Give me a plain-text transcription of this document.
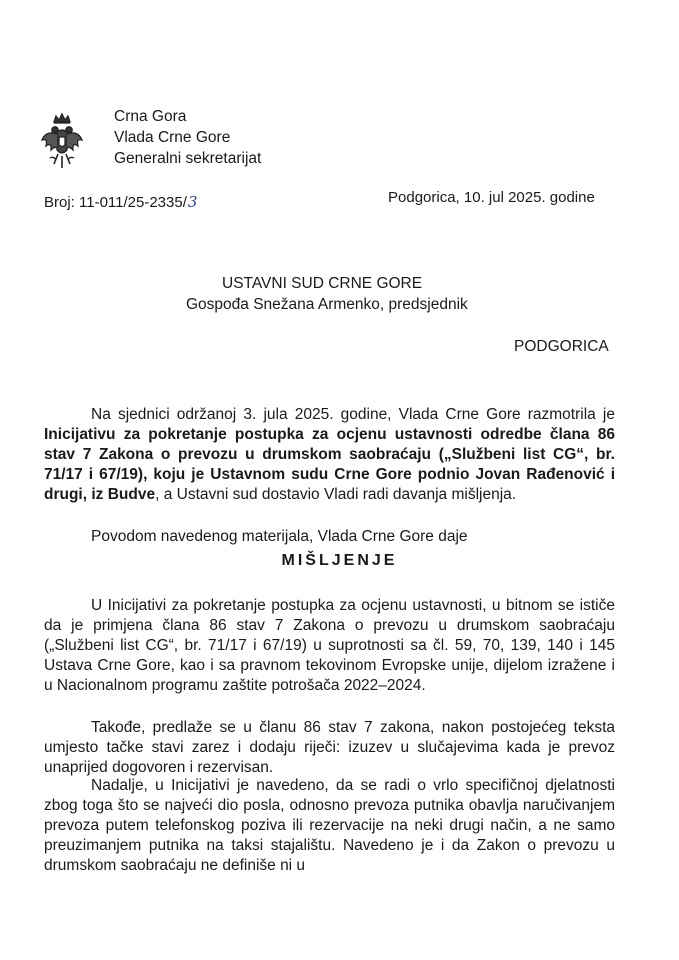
Crna Gora
Vlada Crne Gore
Generalni sekretarijat
Broj: 11-011/25-2335/3	Podgorica, 10. jul 2025. godine
USTAVNI SUD CRNE GORE
Gospođa Snežana Armenko, predsjednik
PODGORICA
Na sjednici održanoj 3. jula 2025. godine, Vlada Crne Gore razmotrila je Inicijativu za pokretanje postupka za ocjenu ustavnosti odredbe člana 86 stav 7 Zakona o prevozu u drumskom saobraćaju („Službeni list CG“, br. 71/17 i 67/19), koju je Ustavnom sudu Crne Gore podnio Jovan Rađenović i drugi, iz Budve, a Ustavni sud dostavio Vladi radi davanja mišljenja.
Povodom navedenog materijala, Vlada Crne Gore daje
MIŠLJENJE
U Inicijativi za pokretanje postupka za ocjenu ustavnosti, u bitnom se ističe da je primjena člana 86 stav 7 Zakona o prevozu u drumskom saobraćaju („Službeni list CG“, br. 71/17 i 67/19) u suprotnosti sa čl. 59, 70, 139, 140 i 145 Ustava Crne Gore, kao i sa pravnom tekovinom Evropske unije, dijelom izražene i u Nacionalnom programu zaštite potrošača 2022–2024.
Takođe, predlaže se u članu 86 stav 7 zakona, nakon postojećeg teksta umjesto tačke stavi zarez i dodaju riječi: izuzev u slučajevima kada je prevoz unaprijed dogovoren i rezervisan.
Nadalje, u Inicijativi je navedeno, da se radi o vrlo specifičnoj djelatnosti zbog toga što se najveći dio posla, odnosno prevoza putnika obavlja naručivanjem prevoza putem telefonskog poziva ili rezervacije na neki drugi način, a ne samo preuzimanjem putnika na taksi stajalištu. Navedeno je i da Zakon o prevozu u drumskom saobraćaju ne definiše ni u
